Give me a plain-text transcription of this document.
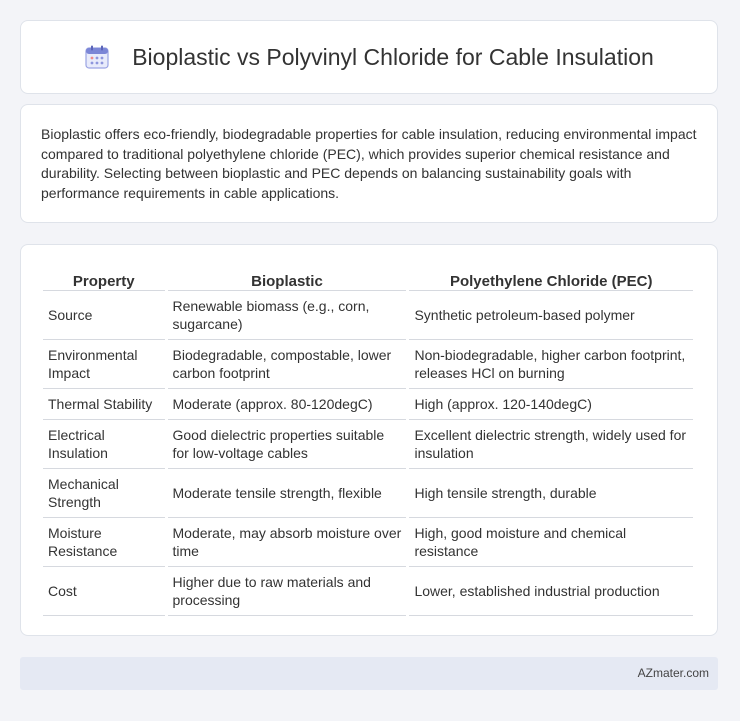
Bioplastic vs Polyvinyl Chloride for Cable Insulation

Bioplastic offers eco-friendly, biodegradable properties for cable insulation, reducing environmental impact compared to traditional polyethylene chloride (PEC), which provides superior chemical resistance and durability. Selecting between bioplastic and PEC depends on balancing sustainability goals with performance requirements in cable applications.

Property	Bioplastic	Polyethylene Chloride (PEC)
Source	Renewable biomass (e.g., corn, sugarcane)	Synthetic petroleum-based polymer
Environmental Impact	Biodegradable, compostable, lower carbon footprint	Non-biodegradable, higher carbon footprint, releases HCl on burning
Thermal Stability	Moderate (approx. 80-120degC)	High (approx. 120-140degC)
Electrical Insulation	Good dielectric properties suitable for low-voltage cables	Excellent dielectric strength, widely used for insulation
Mechanical Strength	Moderate tensile strength, flexible	High tensile strength, durable
Moisture Resistance	Moderate, may absorb moisture over time	High, good moisture and chemical resistance
Cost	Higher due to raw materials and processing	Lower, established industrial production
AZmater.com
